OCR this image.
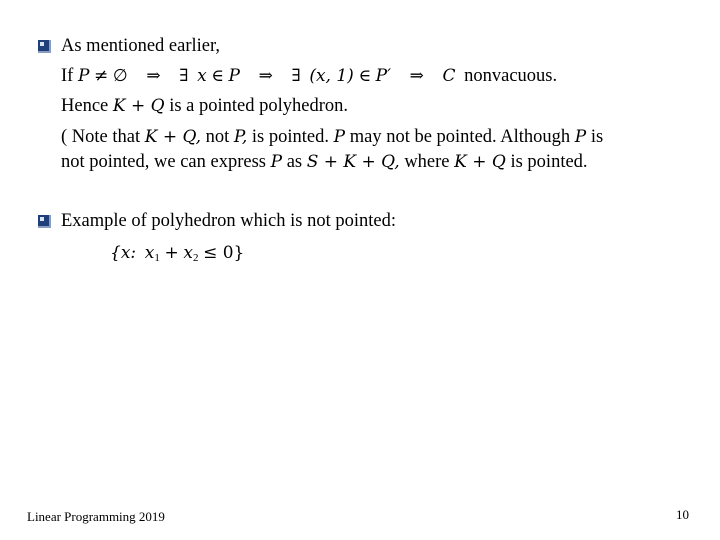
As mentioned earlier,
If P ≠ ∅ ⇒ ∃ x ∈ P ⇒ ∃ (x, 1) ∈ P′ ⇒ C nonvacuous.
Hence K + Q is a pointed polyhedron.
( Note that K + Q, not P, is pointed. P may not be pointed. Although P is
not pointed, we can express P as S + K + Q, where K + Q is pointed.
Example of polyhedron which is not pointed:
{x: $x_1 + x_2 \le 0$}
Linear Programming 2019	10
